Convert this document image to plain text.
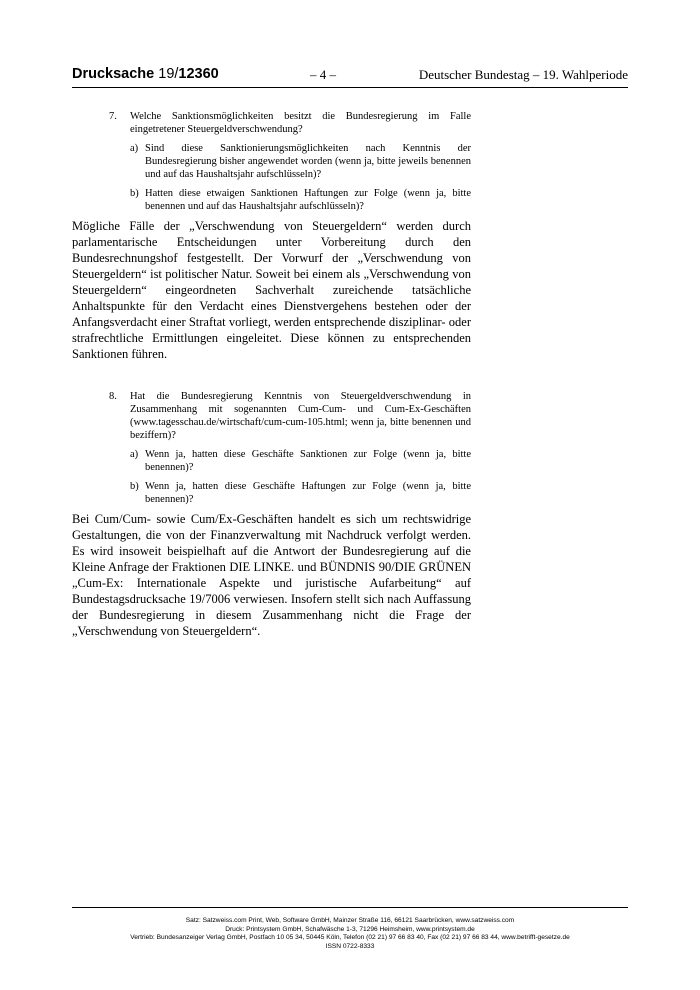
Drucksache 19/12360	– 4 –	Deutscher Bundestag – 19. Wahlperiode
7. Welche Sanktionsmöglichkeiten besitzt die Bundesregierung im Falle eingetretener Steuergeldverschwendung?
a) Sind diese Sanktionierungsmöglichkeiten nach Kenntnis der Bundesregierung bisher angewendet worden (wenn ja, bitte jeweils benennen und auf das Haushaltsjahr aufschlüsseln)?
b) Hatten diese etwaigen Sanktionen Haftungen zur Folge (wenn ja, bitte benennen und auf das Haushaltsjahr aufschlüsseln)?

Mögliche Fälle der „Verschwendung von Steuergeldern“ werden durch parlamentarische Entscheidungen unter Vorbereitung durch den Bundesrechnungshof festgestellt. Der Vorwurf der „Verschwendung von Steuergeldern“ ist politischer Natur. Soweit bei einem als „Verschwendung von Steuergeldern“ eingeordneten Sachverhalt zureichende tatsächliche Anhaltspunkte für den Verdacht eines Dienstvergehens bestehen oder der Anfangsverdacht einer Straftat vorliegt, werden entsprechende disziplinar- oder strafrechtliche Ermittlungen eingeleitet. Diese können zu entsprechenden Sanktionen führen.

8. Hat die Bundesregierung Kenntnis von Steuergeldverschwendung in Zusammenhang mit sogenannten Cum-Cum- und Cum-Ex-Geschäften (www.tagesschau.de/wirtschaft/cum-cum-105.html; wenn ja, bitte benennen und beziffern)?
a) Wenn ja, hatten diese Geschäfte Sanktionen zur Folge (wenn ja, bitte benennen)?
b) Wenn ja, hatten diese Geschäfte Haftungen zur Folge (wenn ja, bitte benennen)?

Bei Cum/Cum- sowie Cum/Ex-Geschäften handelt es sich um rechtswidrige Gestaltungen, die von der Finanzverwaltung mit Nachdruck verfolgt werden. Es wird insoweit beispielhaft auf die Antwort der Bundesregierung auf die Kleine Anfrage der Fraktionen DIE LINKE. und BÜNDNIS 90/DIE GRÜNEN „Cum-Ex: Internationale Aspekte und juristische Aufarbeitung“ auf Bundestagsdrucksache 19/7006 verwiesen. Insofern stellt sich nach Auffassung der Bundesregierung in diesem Zusammenhang nicht die Frage der „Verschwendung von Steuergeldern“.

Satz: Satzweiss.com Print, Web, Software GmbH, Mainzer Straße 116, 66121 Saarbrücken, www.satzweiss.com
Druck: Printsystem GmbH, Schafwäsche 1-3, 71296 Heimsheim, www.printsystem.de
Vertrieb: Bundesanzeiger Verlag GmbH, Postfach 10 05 34, 50445 Köln, Telefon (02 21) 97 66 83 40, Fax (02 21) 97 66 83 44, www.betrifft-gesetze.de
ISSN 0722-8333
